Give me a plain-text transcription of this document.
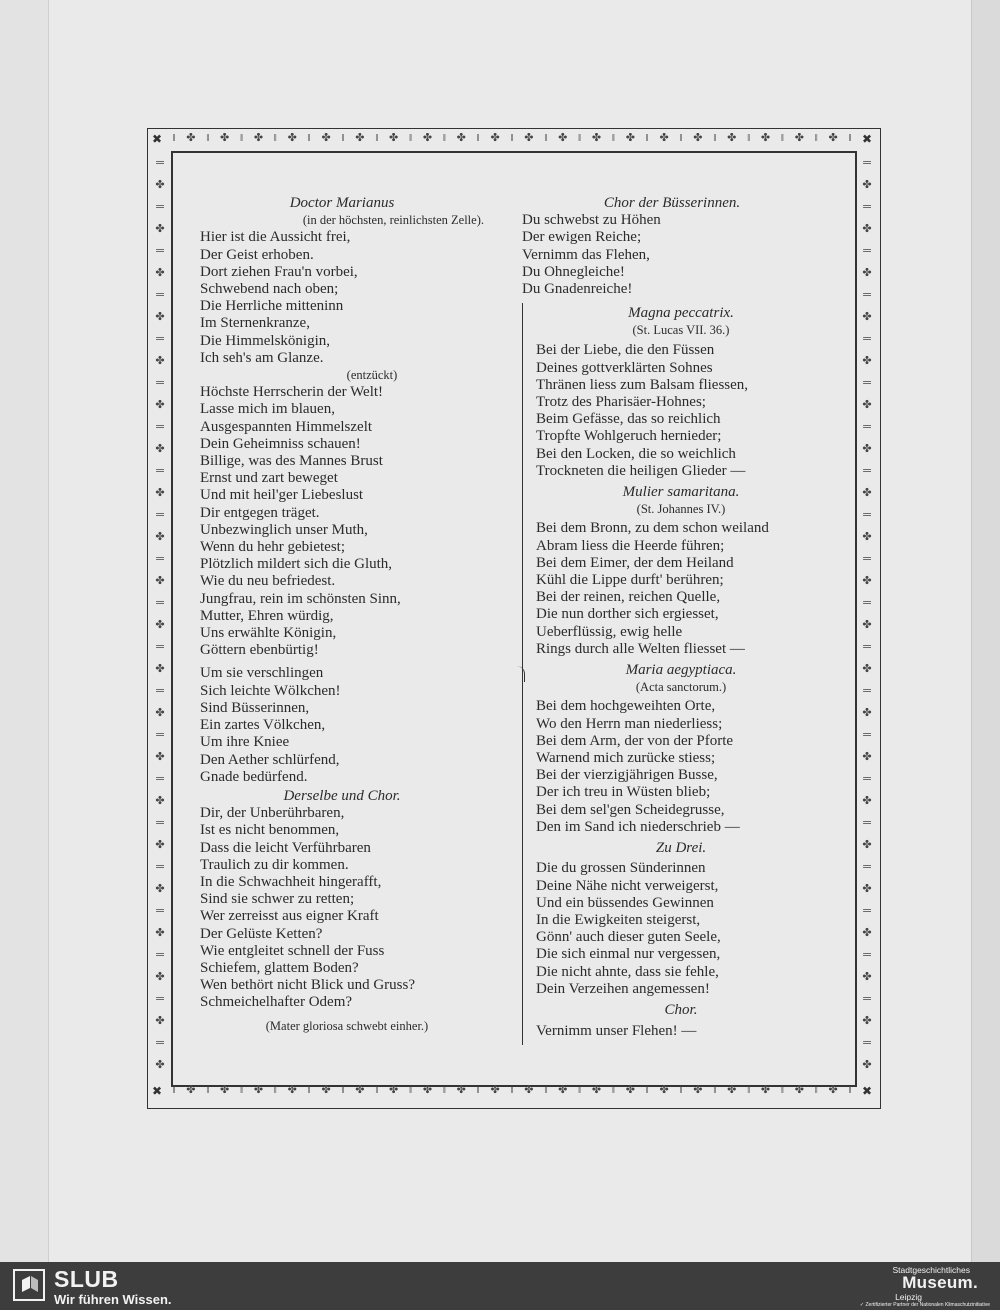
‖ ✤ ‖ ✤ ‖ ✤ ‖ ✤ ‖ ✤ ‖ ✤ ‖ ✤ ‖ ✤ ‖ ✤ ‖ ✤ ‖ ✤ ‖ ✤ ‖ ✤ ‖ ✤ ‖ ✤ ‖ ✤ ‖ ✤ ‖ ✤ ‖ ✤ ‖ ✤ ‖
‖ ✤ ‖ ✤ ‖ ✤ ‖ ✤ ‖ ✤ ‖ ✤ ‖ ✤ ‖ ✤ ‖ ✤ ‖ ✤ ‖ ✤ ‖ ✤ ‖ ✤ ‖ ✤ ‖ ✤ ‖ ✤ ‖ ✤ ‖ ✤ ‖ ✤ ‖ ✤ ‖
═
✤
═
✤
═
✤
═
✤
═
✤
═
✤
═
✤
═
✤
═
✤
═
✤
═
✤
═
✤
═
✤
═
✤
═
✤
═
✤
═
✤
═
✤
═
✤
═
✤
═
✤
═
✤
═
✤
═
✤
═
✤
═
✤
═
✤
═
✤
═
✤
═
✤
═
✤
═
✤
═
✤
═
✤
═
✤
═
✤
═
✤
═
✤
═
✤
═
✤
═
✤
═
✤
✖	✖
✖	✖
Doctor Marianus
(in der höchsten, reinlichsten Zelle).
Hier ist die Aussicht frei,
Der Geist erhoben.
Dort ziehen Frau'n vorbei,
Schwebend nach oben;
Die Herrliche mitteninn
Im Sternenkranze,
Die Himmelskönigin,
Ich seh's am Glanze.
(entzückt)
Höchste Herrscherin der Welt!
Lasse mich im blauen,
Ausgespannten Himmelszelt
Dein Geheimniss schauen!
Billige, was des Mannes Brust
Ernst und zart beweget
Und mit heil'ger Liebeslust
Dir entgegen träget.
Unbezwinglich unser Muth,
Wenn du hehr gebietest;
Plötzlich mildert sich die Gluth,
Wie du neu befriedest.
Jungfrau, rein im schönsten Sinn,
Mutter, Ehren würdig,
Uns erwählte Königin,
Göttern ebenbürtig!
Um sie verschlingen
Sich leichte Wölkchen!
Sind Büsserinnen,
Ein zartes Völkchen,
Um ihre Kniee
Den Aether schlürfend,
Gnade bedürfend.
Derselbe und Chor.
Dir, der Unberührbaren,
Ist es nicht benommen,
Dass die leicht Verführbaren
Traulich zu dir kommen.
In die Schwachheit hingerafft,
Sind sie schwer zu retten;
Wer zerreisst aus eigner Kraft
Der Gelüste Ketten?
Wie entgleitet schnell der Fuss
Schiefem, glattem Boden?
Wen bethört nicht Blick und Gruss?
Schmeichelhafter Odem?
(Mater gloriosa schwebt einher.)
Chor der Büsserinnen.
Du schwebst zu Höhen
Der ewigen Reiche;
Vernimm das Flehen,
Du Ohnegleiche!
Du Gnadenreiche!
Magna peccatrix.
(St. Lucas VII. 36.)
Bei der Liebe, die den Füssen
Deines gottverklärten Sohnes
Thränen liess zum Balsam fliessen,
Trotz des Pharisäer-Hohnes;
Beim Gefässe, das so reichlich
Tropfte Wohlgeruch hernieder;
Bei den Locken, die so weichlich
Trockneten die heiligen Glieder —
Mulier samaritana.
(St. Johannes IV.)
Bei dem Bronn, zu dem schon weiland
Abram liess die Heerde führen;
Bei dem Eimer, der dem Heiland
Kühl die Lippe durft' berühren;
Bei der reinen, reichen Quelle,
Die nun dorther sich ergiesset,
Ueberflüssig, ewig helle
Rings durch alle Welten fliesset —
Maria aegyptiaca.
(Acta sanctorum.)
Bei dem hochgeweihten Orte,
Wo den Herrn man niederliess;
Bei dem Arm, der von der Pforte
Warnend mich zurücke stiess;
Bei der vierzigjährigen Busse,
Der ich treu in Wüsten blieb;
Bei dem sel'gen Scheidegrusse,
Den im Sand ich niederschrieb —
Zu Drei.
Die du grossen Sünderinnen
Deine Nähe nicht verweigerst,
Und ein büssendes Gewinnen
In die Ewigkeiten steigerst,
Gönn' auch dieser guten Seele,
Die sich einmal nur vergessen,
Die nicht ahnte, dass sie fehle,
Dein Verzeihen angemessen!
Chor.
Vernimm unser Flehen! —
SLUB
Wir führen Wissen.
Stadtgeschichtliches
Museum.
Leipzig
✓ Zertifizierter Partner der Nationalen Klimaschutzinitiative
